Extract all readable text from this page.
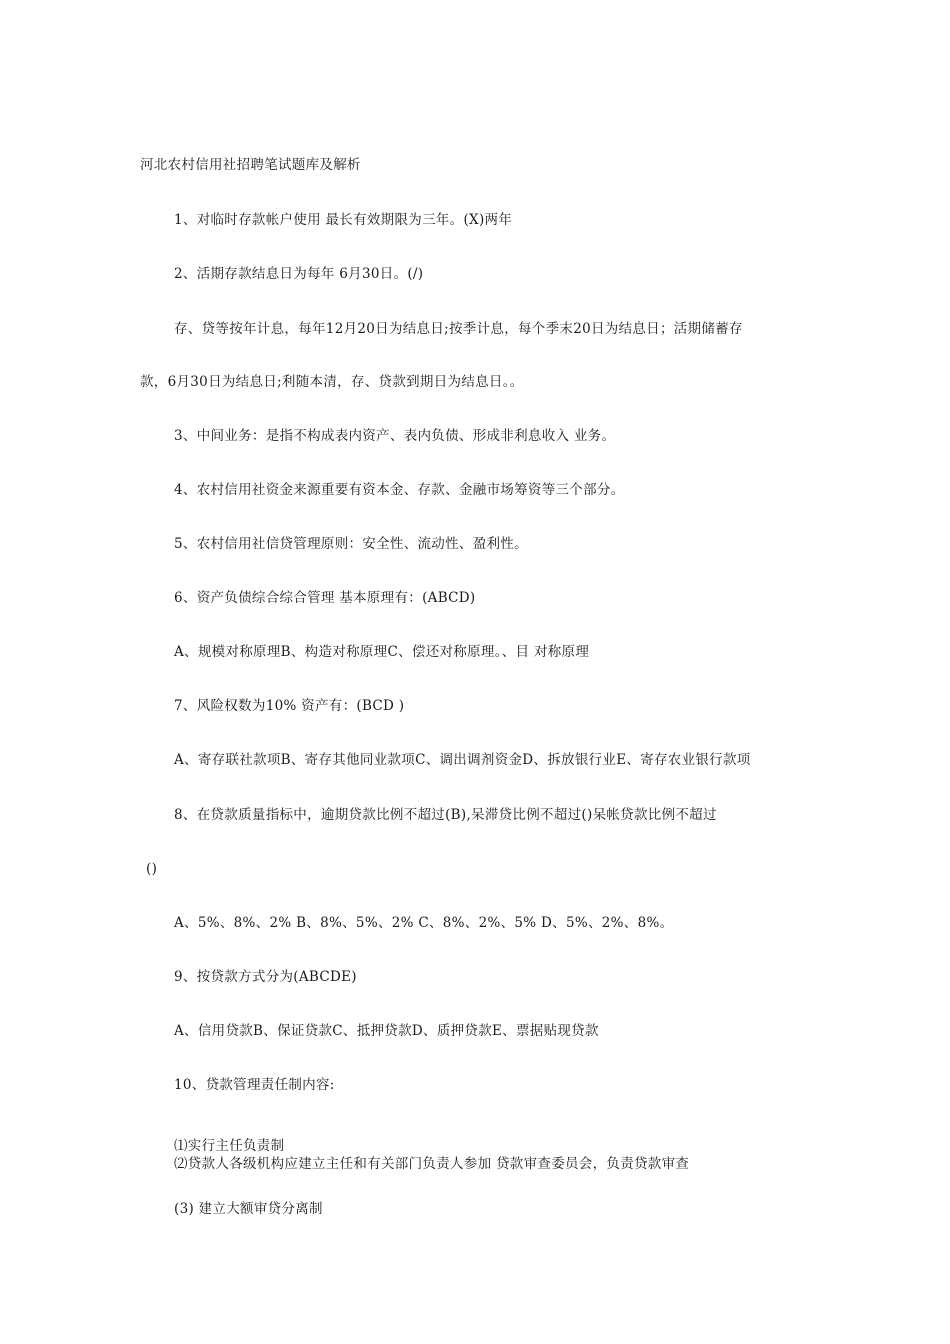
河北农村信用社招聘笔试题库及解析
1、对临时存款帐户使用 最长有效期限为三年。(X)两年
2、活期存款结息日为每年 6月30日。(/)
存、贷等按年计息，每年12月20日为结息日;按季计息，每个季末20日为结息日；活期储蓄存
款，6月30日为结息日;利随本清，存、贷款到期日为结息日。。
3、中间业务：是指不构成表内资产、表内负债、形成非利息收入 业务。
4、农村信用社资金来源重要有资本金、存款、金融市场筹资等三个部分。
5、农村信用社信贷管理原则：安全性、流动性、盈利性。
6、资产负债综合综合管理 基本原理有：(ABCD)
A、规模对称原理B、构造对称原理C、偿还对称原理。、目 对称原理
7、风险权数为10% 资产有：(BCD )
A、寄存联社款项B、寄存其他同业款项C、调出调剂资金D、拆放银行业E、寄存农业银行款项
8、在贷款质量指标中，逾期贷款比例不超过(B),呆滞贷比例不超过()呆帐贷款比例不超过
()
A、5%、8%、2% B、8%、5%、2% C、8%、2%、5% D、5%、2%、8%。
9、按贷款方式分为(ABCDE)
A、信用贷款B、保证贷款C、抵押贷款D、质押贷款E、票据贴现贷款
10、贷款管理责任制内容:
⑴实行主任负责制
⑵贷款人各级机构应建立主任和有关部门负责人参加 贷款审查委员会，负责贷款审查
(3) 建立大额审贷分离制
